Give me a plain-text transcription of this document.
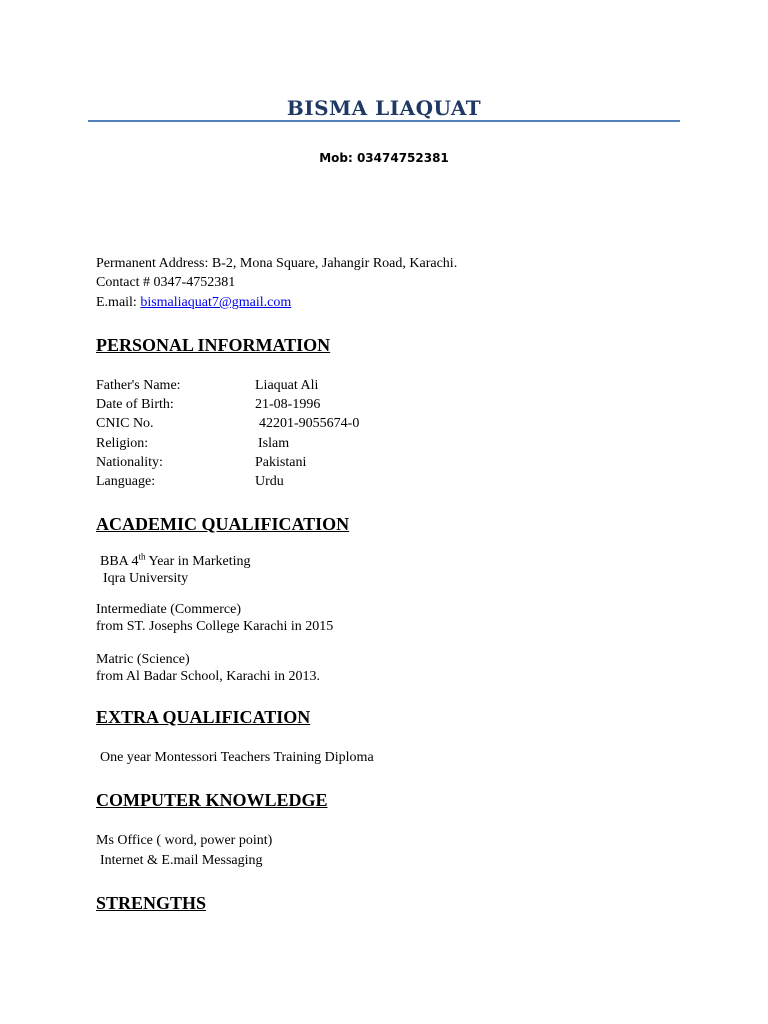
BISMA LIAQUAT
Mob: 03474752381
Permanent Address: B-2, Mona Square, Jahangir Road, Karachi.
Contact # 0347-4752381
E.mail: bismaliaquat7@gmail.com
PERSONAL INFORMATION
Father's Name:	Liaquat Ali
Date of Birth:	21-08-1996
CNIC No.	42201-9055674-0
Religion:	Islam
Nationality:	Pakistani
Language:	Urdu
ACADEMIC QUALIFICATION
BBA 4th Year in Marketing
Iqra University
Intermediate (Commerce)
from ST. Josephs College Karachi in 2015
Matric (Science)
from Al Badar School, Karachi in 2013.
EXTRA QUALIFICATION
One year Montessori Teachers Training Diploma
COMPUTER KNOWLEDGE
Ms Office ( word, power point)
Internet & E.mail Messaging
STRENGTHS
